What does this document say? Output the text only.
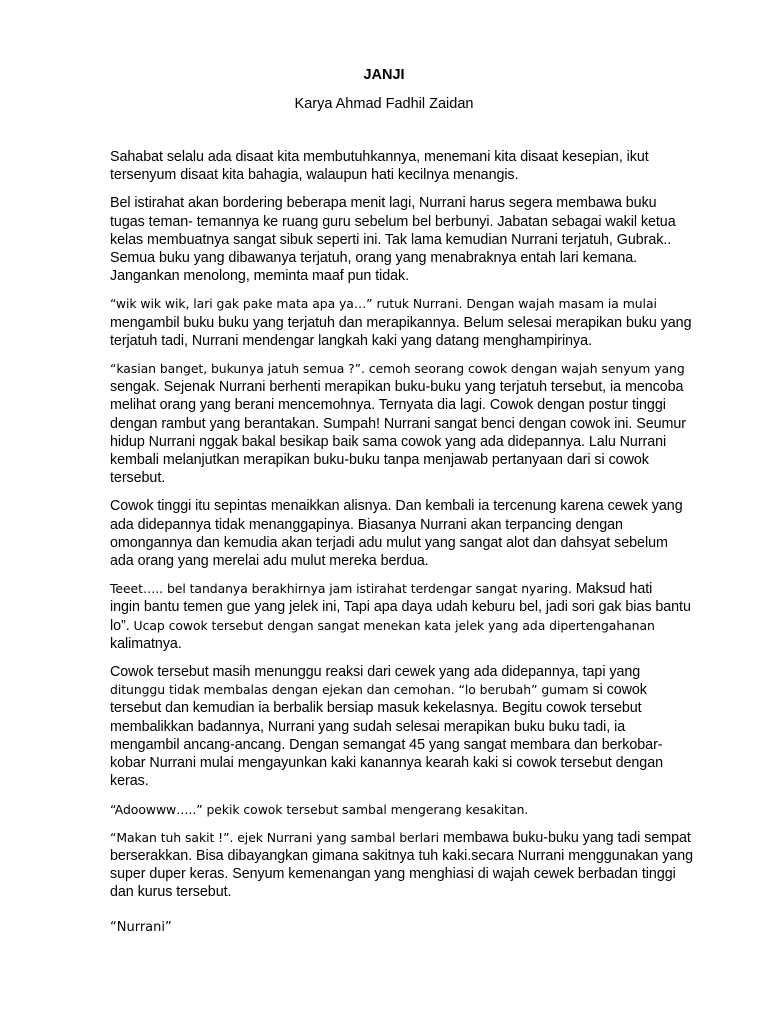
JANJI

Karya Ahmad Fadhil Zaidan

Sahabat selalu ada disaat kita membutuhkannya, menemani kita disaat kesepian, ikut
tersenyum disaat kita bahagia, walaupun hati kecilnya menangis.

Bel istirahat akan bordering beberapa menit lagi, Nurrani harus segera membawa buku
tugas teman- temannya ke ruang guru sebelum bel berbunyi. Jabatan sebagai wakil ketua
kelas membuatnya sangat sibuk seperti ini. Tak lama kemudian Nurrani terjatuh, Gubrak..
Semua buku yang dibawanya terjatuh, orang yang menabraknya entah lari kemana.
Jangankan menolong, meminta maaf pun tidak.

“wik wik wik, lari gak pake mata apa ya…” rutuk Nurrani. Dengan wajah masam ia mulai
mengambil buku buku yang terjatuh dan merapikannya. Belum selesai merapikan buku yang
terjatuh tadi, Nurrani mendengar langkah kaki yang datang menghampirinya.

“kasian banget, bukunya jatuh semua ?”. cemoh seorang cowok dengan wajah senyum yang
sengak. Sejenak Nurrani berhenti merapikan buku-buku yang terjatuh tersebut, ia mencoba
melihat orang yang berani mencemohnya. Ternyata dia lagi. Cowok dengan postur tinggi
dengan rambut yang berantakan. Sumpah! Nurrani sangat benci dengan cowok ini. Seumur
hidup Nurrani nggak bakal besikap baik sama cowok yang ada didepannya. Lalu Nurrani
kembali melanjutkan merapikan buku-buku tanpa menjawab pertanyaan dari si cowok
tersebut.

Cowok tinggi itu sepintas menaikkan alisnya. Dan kembali ia tercenung karena cewek yang
ada didepannya tidak menanggapinya. Biasanya Nurrani akan terpancing dengan
omongannya dan kemudia akan terjadi adu mulut yang sangat alot dan dahsyat sebelum
ada orang yang merelai adu mulut mereka berdua.

Teeet….. bel tandanya berakhirnya jam istirahat terdengar sangat nyaring. Maksud hati
ingin bantu temen gue yang jelek ini, Tapi apa daya udah keburu bel, jadi sori gak bias bantu
lo”. Ucap cowok tersebut dengan sangat menekan kata jelek yang ada dipertengahanan
kalimatnya.

Cowok tersebut masih menunggu reaksi dari cewek yang ada didepannya, tapi yang
ditunggu tidak membalas dengan ejekan dan cemohan. “lo berubah” gumam si cowok
tersebut dan kemudian ia berbalik bersiap masuk kekelasnya. Begitu cowok tersebut
membalikkan badannya, Nurrani yang sudah selesai merapikan buku buku tadi, ia
mengambil ancang-ancang. Dengan semangat 45 yang sangat membara dan berkobar-
kobar Nurrani mulai mengayunkan kaki kanannya kearah kaki si cowok tersebut dengan
keras.

“Adoowww…..” pekik cowok tersebut sambal mengerang kesakitan.

“Makan tuh sakit !”. ejek Nurrani yang sambal berlari membawa buku-buku yang tadi sempat
berserakkan. Bisa dibayangkan gimana sakitnya tuh kaki.secara Nurrani menggunakan yang
super duper keras. Senyum kemenangan yang menghiasi di wajah cewek berbadan tinggi
dan kurus tersebut.

“Nurrani”
